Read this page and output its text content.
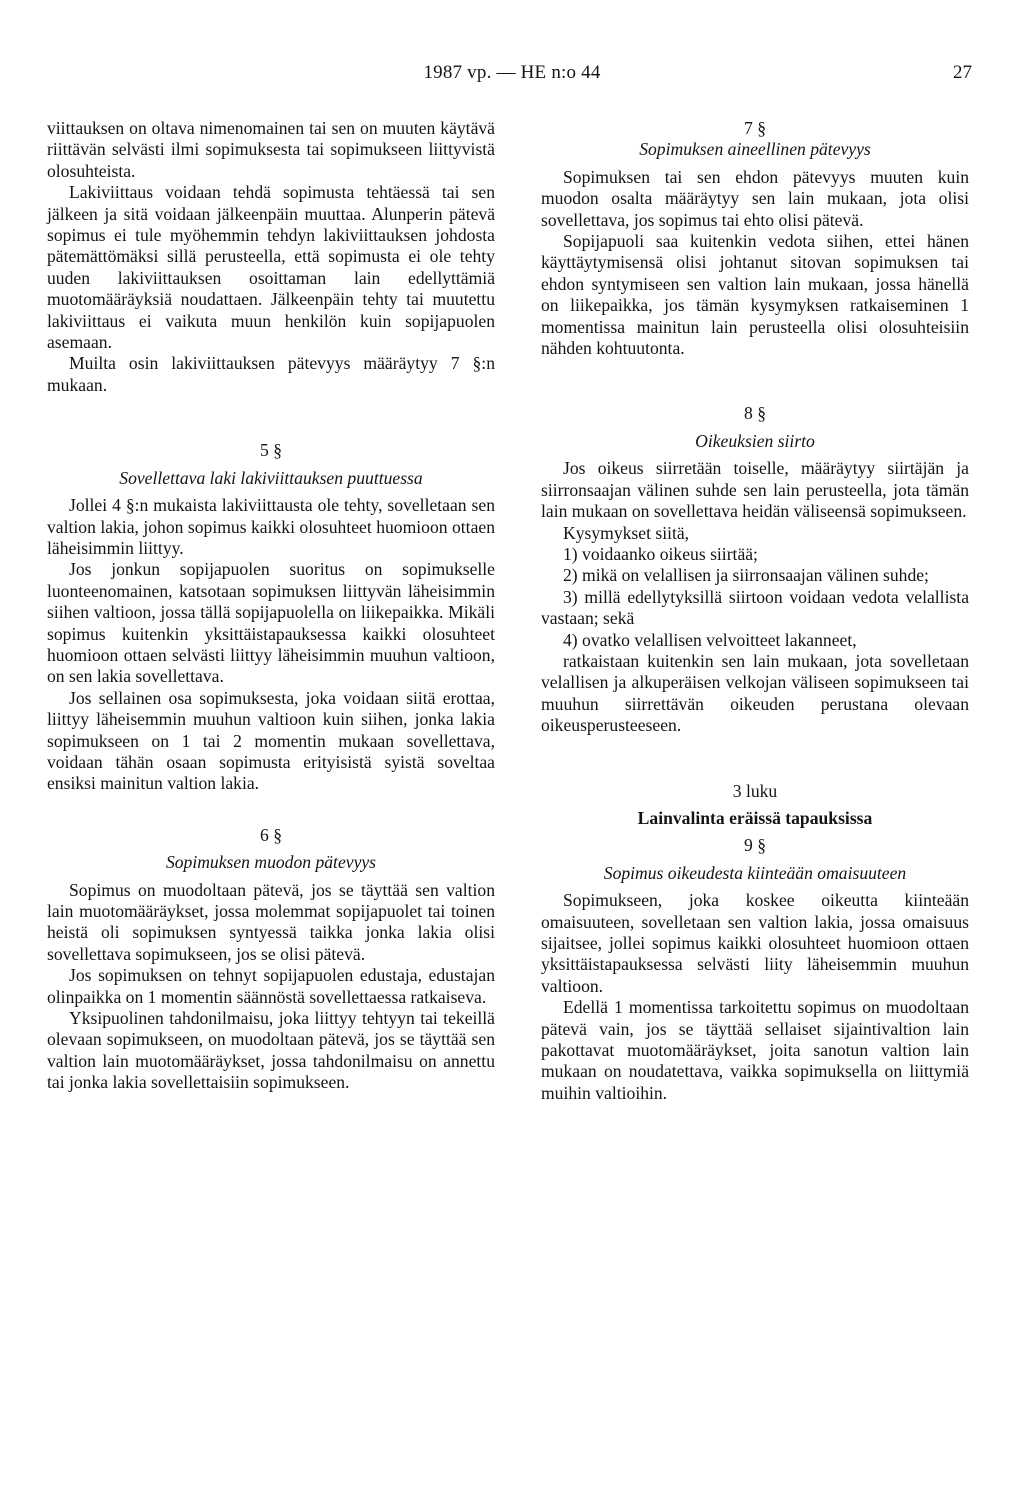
1987 vp. — HE n:o 44	27

viittauksen on oltava nimenomainen tai sen on muuten käytävä riittävän selvästi ilmi sopimuksesta tai sopimukseen liittyvistä olosuhteista.

Lakiviittaus voidaan tehdä sopimusta tehtäessä tai sen jälkeen ja sitä voidaan jälkeenpäin muuttaa. Alunperin pätevä sopimus ei tule myöhemmin tehdyn lakiviittauksen johdosta pätemättömäksi sillä perusteella, että sopimusta ei ole tehty uuden lakiviittauksen osoittaman lain edellyttämiä muotomääräyksiä noudattaen. Jälkeenpäin tehty tai muutettu lakiviittaus ei vaikuta muun henkilön kuin sopijapuolen asemaan.

Muilta osin lakiviittauksen pätevyys määräytyy 7 §:n mukaan.

5 §

Sovellettava laki lakiviittauksen puuttuessa

Jollei 4 §:n mukaista lakiviittausta ole tehty, sovelletaan sen valtion lakia, johon sopimus kaikki olosuhteet huomioon ottaen läheisimmin liittyy.

Jos jonkun sopijapuolen suoritus on sopimukselle luonteenomainen, katsotaan sopimuksen liittyvän läheisimmin siihen valtioon, jossa tällä sopijapuolella on liikepaikka. Mikäli sopimus kuitenkin yksittäistapauksessa kaikki olosuhteet huomioon ottaen selvästi liittyy läheisimmin muuhun valtioon, on sen lakia sovellettava.

Jos sellainen osa sopimuksesta, joka voidaan siitä erottaa, liittyy läheisemmin muuhun valtioon kuin siihen, jonka lakia sopimukseen on 1 tai 2 momentin mukaan sovellettava, voidaan tähän osaan sopimusta erityisistä syistä soveltaa ensiksi mainitun valtion lakia.

6 §

Sopimuksen muodon pätevyys

Sopimus on muodoltaan pätevä, jos se täyttää sen valtion lain muotomääräykset, jossa molemmat sopijapuolet tai toinen heistä oli sopimuksen syntyessä taikka jonka lakia olisi sovellettava sopimukseen, jos se olisi pätevä.

Jos sopimuksen on tehnyt sopijapuolen edustaja, edustajan olinpaikka on 1 momentin säännöstä sovellettaessa ratkaiseva.

Yksipuolinen tahdonilmaisu, joka liittyy tehtyyn tai tekeillä olevaan sopimukseen, on muodoltaan pätevä, jos se täyttää sen valtion lain muotomääräykset, jossa tahdonilmaisu on annettu tai jonka lakia sovellettaisiin sopimukseen.

7 §

Sopimuksen aineellinen pätevyys

Sopimuksen tai sen ehdon pätevyys muuten kuin muodon osalta määräytyy sen lain mukaan, jota olisi sovellettava, jos sopimus tai ehto olisi pätevä.

Sopijapuoli saa kuitenkin vedota siihen, ettei hänen käyttäytymisensä olisi johtanut sitovan sopimuksen tai ehdon syntymiseen sen valtion lain mukaan, jossa hänellä on liikepaikka, jos tämän kysymyksen ratkaiseminen 1 momentissa mainitun lain perusteella olisi olosuhteisiin nähden kohtuutonta.

8 §

Oikeuksien siirto

Jos oikeus siirretään toiselle, määräytyy siirtäjän ja siirronsaajan välinen suhde sen lain perusteella, jota tämän lain mukaan on sovellettava heidän väliseensä sopimukseen.

Kysymykset siitä,

1) voidaanko oikeus siirtää;

2) mikä on velallisen ja siirronsaajan välinen suhde;

3) millä edellytyksillä siirtoon voidaan vedota velallista vastaan; sekä

4) ovatko velallisen velvoitteet lakanneet,

ratkaistaan kuitenkin sen lain mukaan, jota sovelletaan velallisen ja alkuperäisen velkojan väliseen sopimukseen tai muuhun siirrettävän oikeuden perustana olevaan oikeusperusteeseen.

3 luku

Lainvalinta eräissä tapauksissa

9 §

Sopimus oikeudesta kiinteään omaisuuteen

Sopimukseen, joka koskee oikeutta kiinteään omaisuuteen, sovelletaan sen valtion lakia, jossa omaisuus sijaitsee, jollei sopimus kaikki olosuhteet huomioon ottaen yksittäistapauksessa selvästi liity läheisemmin muuhun valtioon.

Edellä 1 momentissa tarkoitettu sopimus on muodoltaan pätevä vain, jos se täyttää sellaiset sijaintivaltion lain pakottavat muotomääräykset, joita sanotun valtion lain mukaan on noudatettava, vaikka sopimuksella on liittymiä muihin valtioihin.
